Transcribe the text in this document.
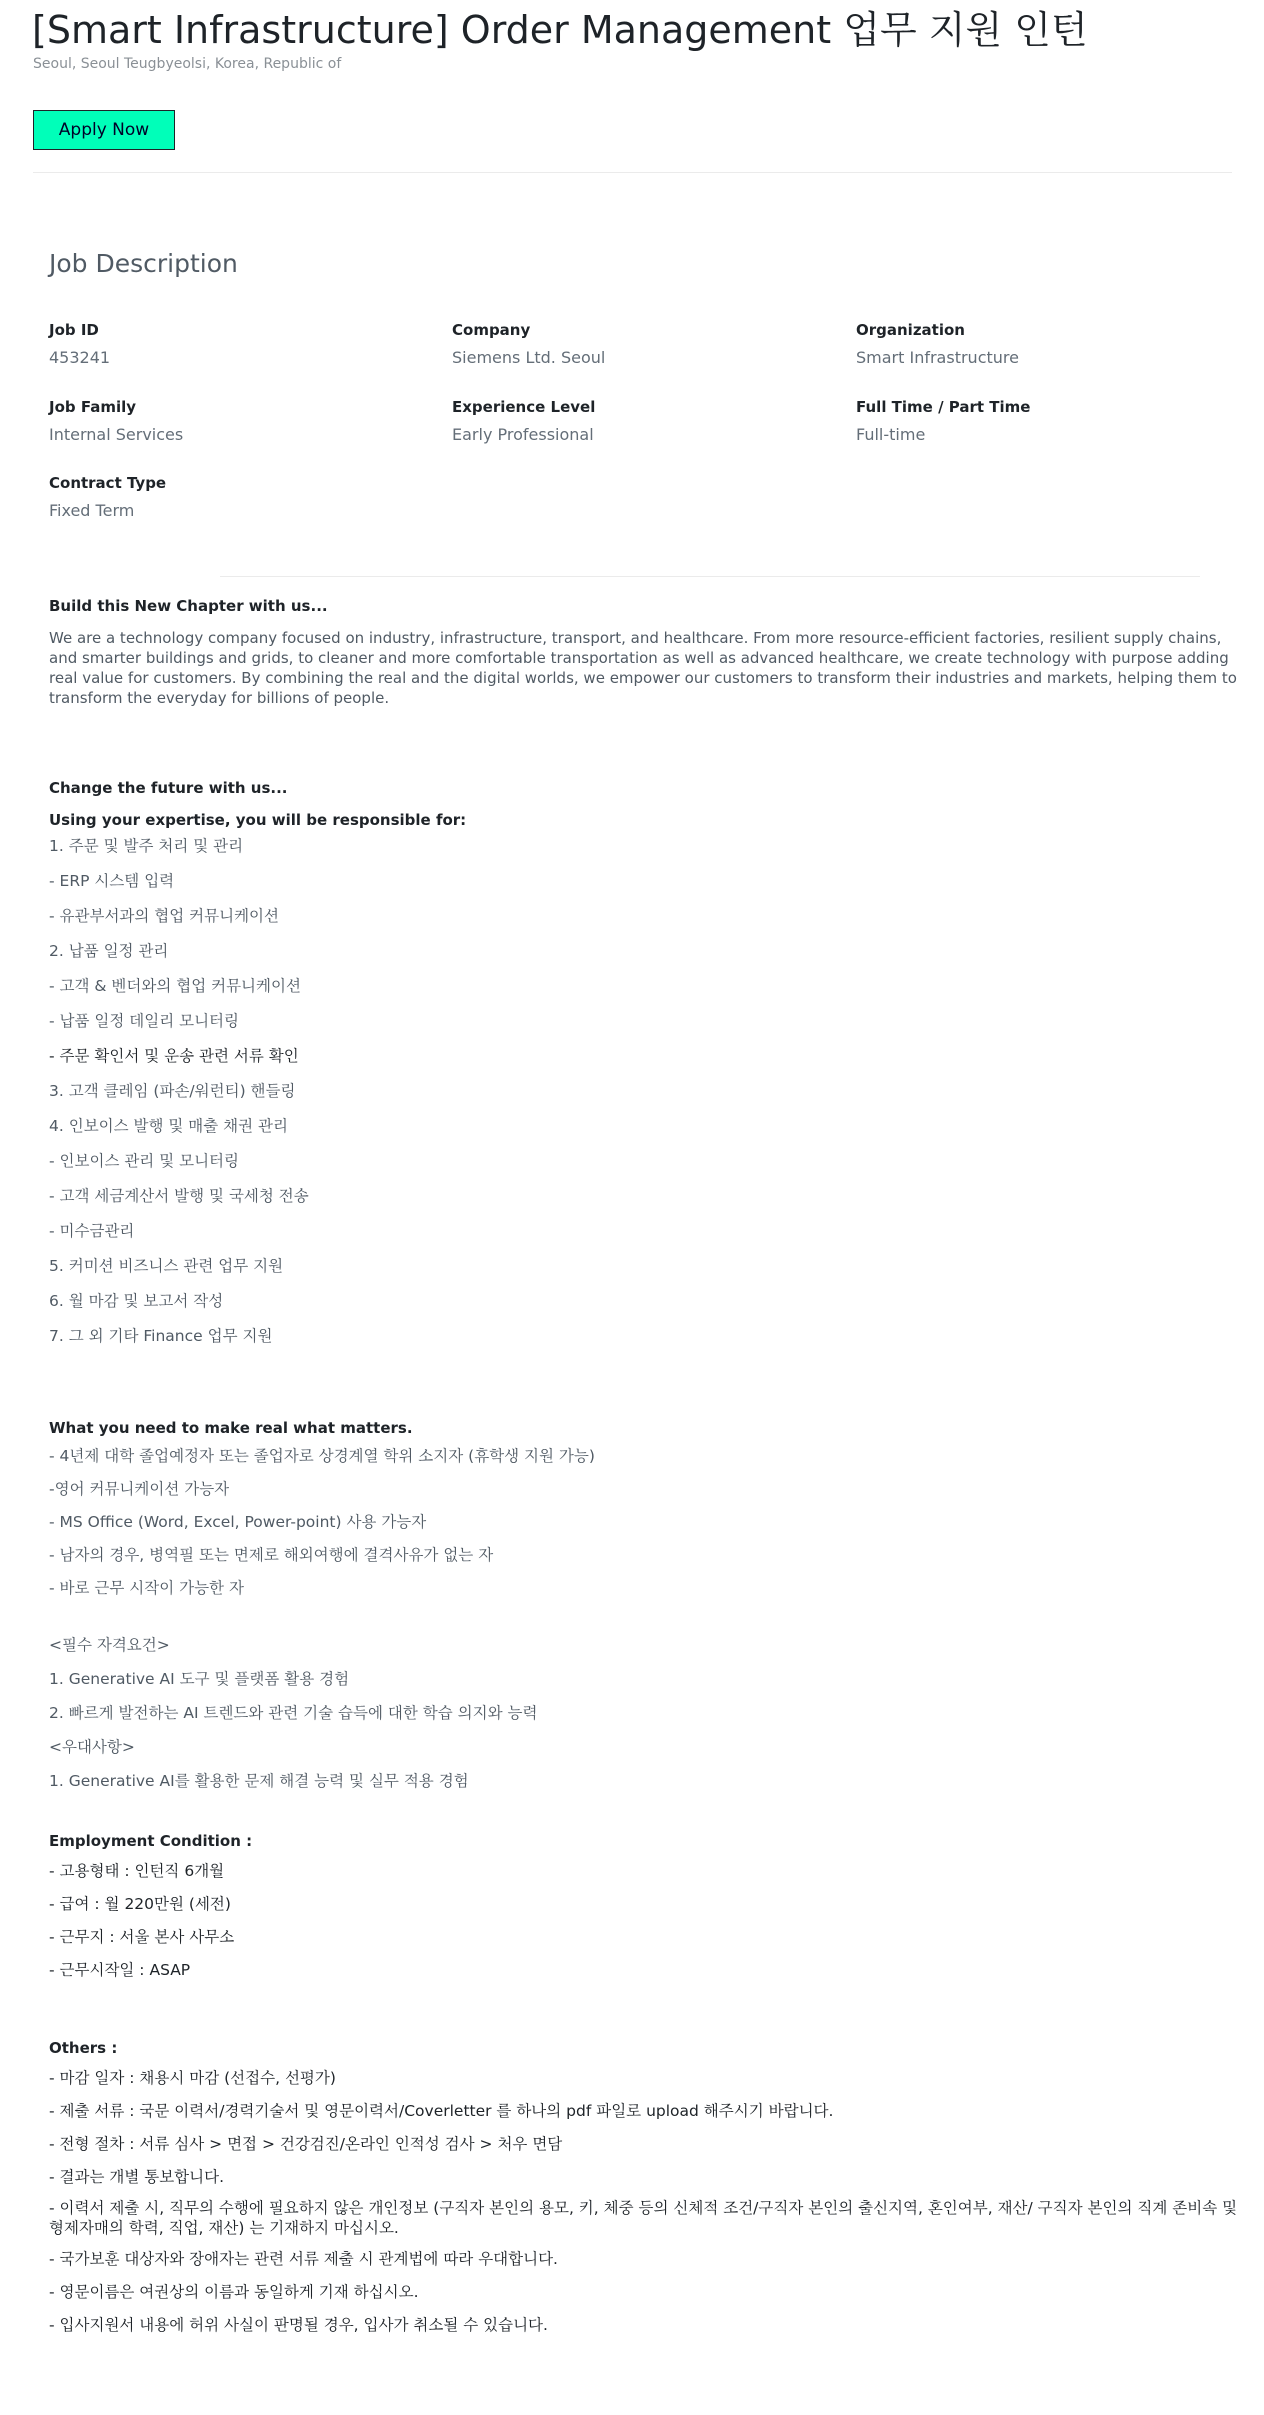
[Smart Infrastructure] Order Management 업무 지원 인턴
Seoul, Seoul Teugbyeolsi, Korea, Republic of
Apply Now
Job Description
Job ID
453241
Company
Siemens Ltd. Seoul
Organization
Smart Infrastructure
Job Family
Internal Services
Experience Level
Early Professional
Full Time / Part Time
Full-time
Contract Type
Fixed Term
Build this New Chapter with us...
We are a technology company focused on industry, infrastructure, transport, and healthcare. From more resource-efficient factories, resilient supply chains, and smarter buildings and grids, to cleaner and more comfortable transportation as well as advanced healthcare, we create technology with purpose adding real value for customers. By combining the real and the digital worlds, we empower our customers to transform their industries and markets, helping them to transform the everyday for billions of people.
Change the future with us...
Using your expertise, you will be responsible for:
1. 주문 및 발주 처리 및 관리
- ERP 시스템 입력
- 유관부서과의 협업 커뮤니케이션
2. 납품 일정 관리
- 고객 & 벤더와의 협업 커뮤니케이션
- 납품 일정 데일리 모니터링
- 주문 확인서 및 운송 관련 서류 확인
3. 고객 클레임 (파손/워런티) 핸들링
4. 인보이스 발행 및 매출 채권 관리
- 인보이스 관리 및 모니터링
- 고객 세금계산서 발행 및 국세청 전송
- 미수금관리
5. 커미션 비즈니스 관련 업무 지원
6. 월 마감 및 보고서 작성
7. 그 외 기타 Finance 업무 지원
What you need to make real what matters.
- 4년제 대학 졸업예정자 또는 졸업자로 상경계열 학위 소지자 (휴학생 지원 가능)
-영어 커뮤니케이션 가능자
- MS Office (Word, Excel, Power-point) 사용 가능자
- 남자의 경우, 병역필 또는 면제로 해외여행에 결격사유가 없는 자
- 바로 근무 시작이 가능한 자
<필수 자격요건>
1. Generative AI 도구 및 플랫폼 활용 경험
2. 빠르게 발전하는 AI 트렌드와 관련 기술 습득에 대한 학습 의지와 능력
<우대사항>
1. Generative AI를 활용한 문제 해결 능력 및 실무 적용 경험
Employment Condition :
- 고용형태 : 인턴직 6개월
- 급여 : 월 220만원 (세전)
- 근무지 : 서울 본사 사무소
- 근무시작일 : ASAP
Others :
- 마감 일자 : 채용시 마감 (선접수, 선평가)
- 제출 서류 : 국문 이력서/경력기술서 및 영문이력서/Coverletter 를 하나의 pdf 파일로 upload 해주시기 바랍니다.
- 전형 절차 : 서류 심사 > 면접 > 건강검진/온라인 인적성 검사 > 처우 면담
- 결과는 개별 통보합니다.
- 이력서 제출 시, 직무의 수행에 필요하지 않은 개인정보 (구직자 본인의 용모, 키, 체중 등의 신체적 조건/구직자 본인의 출신지역, 혼인여부, 재산/ 구직자 본인의 직계 존비속 및 형제자매의 학력, 직업, 재산) 는 기재하지 마십시오.
- 국가보훈 대상자와 장애자는 관련 서류 제출 시 관계법에 따라 우대합니다.
- 영문이름은 여권상의 이름과 동일하게 기재 하십시오.
- 입사지원서 내용에 허위 사실이 판명될 경우, 입사가 취소될 수 있습니다.
